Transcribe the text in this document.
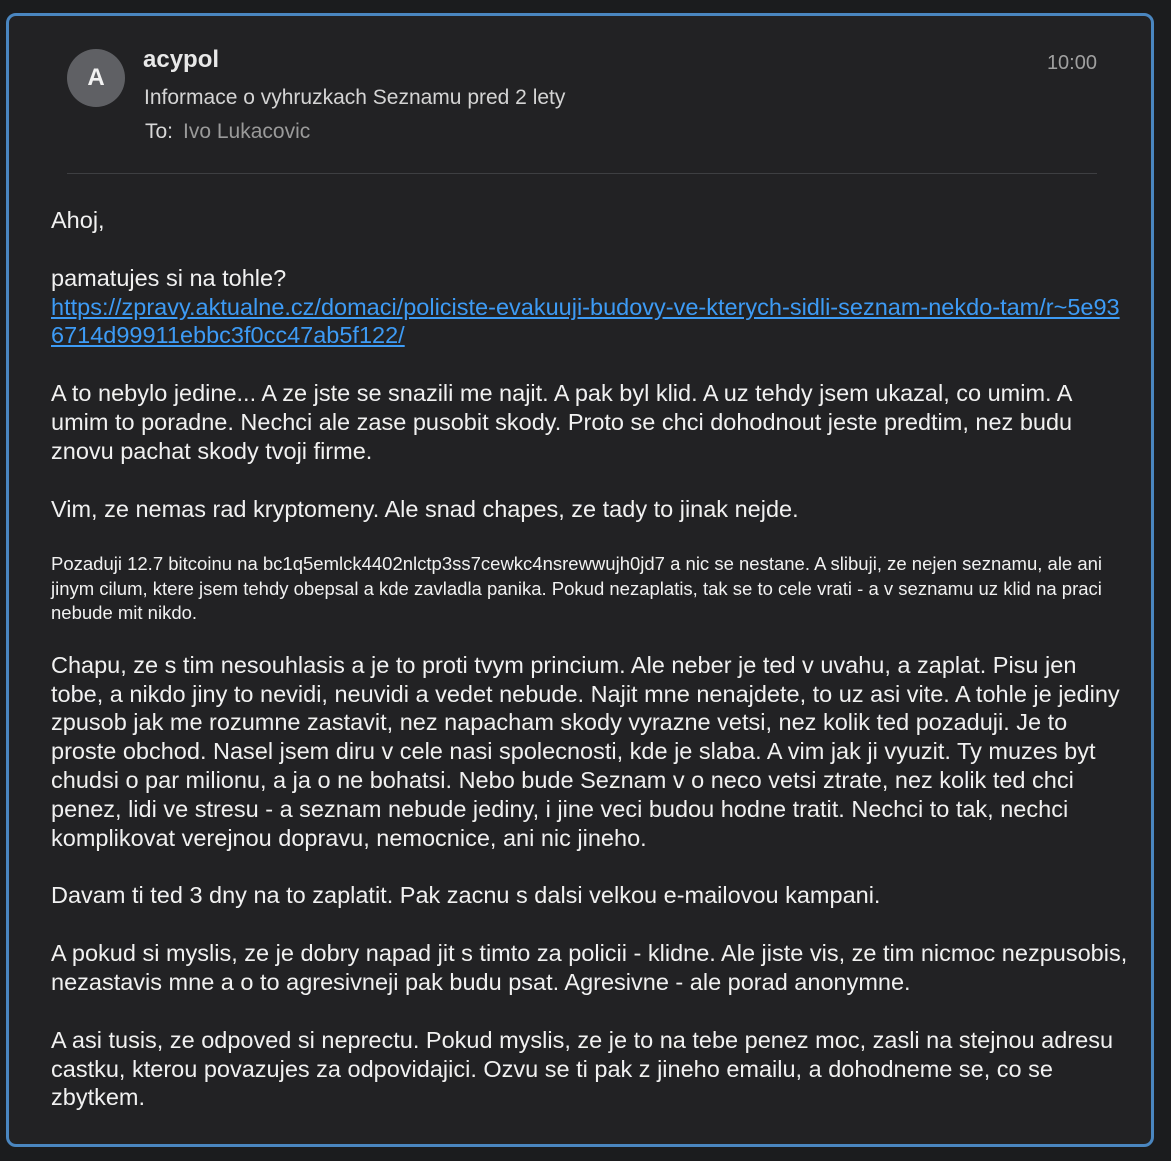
A
acypol
Informace o vyhruzkach Seznamu pred 2 lety
To: Ivo Lukacovic
10:00

Ahoj,

pamatujes si na tohle?
https://zpravy.aktualne.cz/domaci/policiste-evakuuji-budovy-ve-kterych-sidli-seznam-nekdo-tam/r~5e936714d99911ebbc3f0cc47ab5f122/

A to nebylo jedine... A ze jste se snazili me najit. A pak byl klid. A uz tehdy jsem ukazal, co umim. A umim to poradne. Nechci ale zase pusobit skody. Proto se chci dohodnout jeste predtim, nez budu znovu pachat skody tvoji firme.

Vim, ze nemas rad kryptomeny. Ale snad chapes, ze tady to jinak nejde.

Pozaduji 12.7 bitcoinu na bc1q5emlck4402nlctp3ss7cewkc4nsrewwujh0jd7 a nic se nestane. A slibuji, ze nejen seznamu, ale ani jinym cilum, ktere jsem tehdy obepsal a kde zavladla panika. Pokud nezaplatis, tak se to cele vrati - a v seznamu uz klid na praci nebude mit nikdo.

Chapu, ze s tim nesouhlasis a je to proti tvym princium. Ale neber je ted v uvahu, a zaplat. Pisu jen tobe, a nikdo jiny to nevidi, neuvidi a vedet nebude. Najit mne nenajdete, to uz asi vite. A tohle je jediny zpusob jak me rozumne zastavit, nez napacham skody vyrazne vetsi, nez kolik ted pozaduji. Je to proste obchod. Nasel jsem diru v cele nasi spolecnosti, kde je slaba. A vim jak ji vyuzit. Ty muzes byt chudsi o par milionu, a ja o ne bohatsi. Nebo bude Seznam v o neco vetsi ztrate, nez kolik ted chci penez, lidi ve stresu - a seznam nebude jediny, i jine veci budou hodne tratit. Nechci to tak, nechci komplikovat verejnou dopravu, nemocnice, ani nic jineho.

Davam ti ted 3 dny na to zaplatit. Pak zacnu s dalsi velkou e-mailovou kampani.

A pokud si myslis, ze je dobry napad jit s timto za policii - klidne. Ale jiste vis, ze tim nicmoc nezpusobis, nezastavis mne a o to agresivneji pak budu psat. Agresivne - ale porad anonymne.

A asi tusis, ze odpoved si neprectu. Pokud myslis, ze je to na tebe penez moc, zasli na stejnou adresu castku, kterou povazujes za odpovidajici. Ozvu se ti pak z jineho emailu, a dohodneme se, co se zbytkem.
